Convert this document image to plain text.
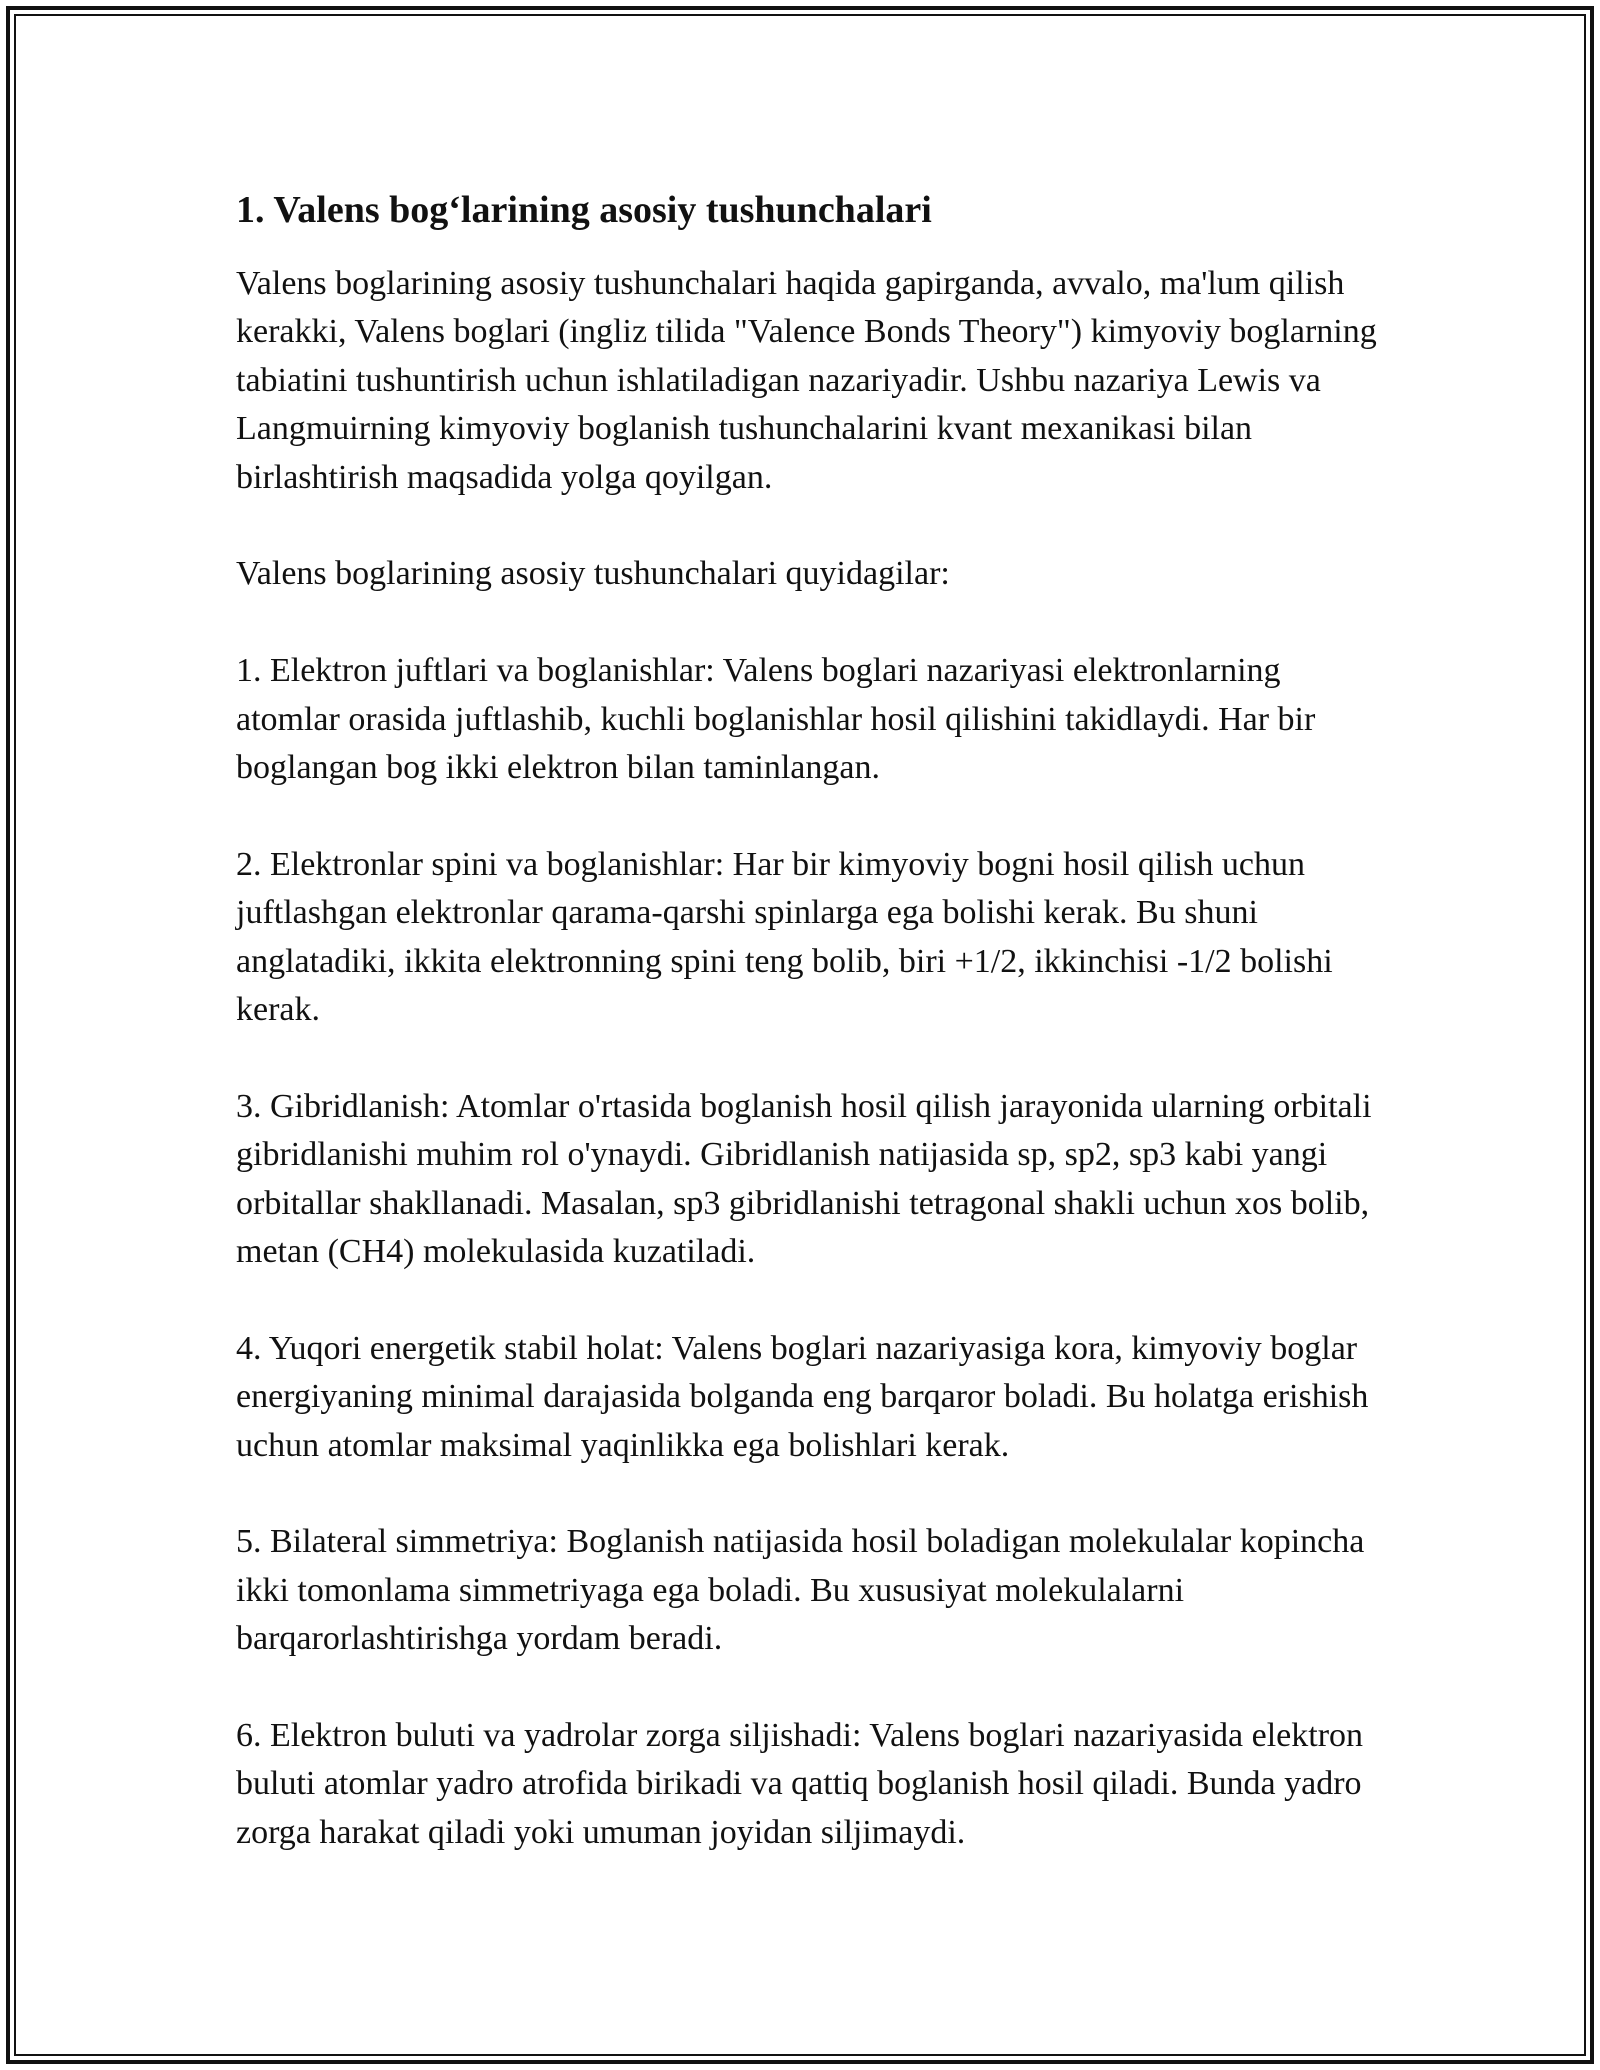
1. Valens bog‘larining asosiy tushunchalari

Valens boglarining asosiy tushunchalari haqida gapirganda, avvalo, ma'lum qilish kerakki, Valens boglari (ingliz tilida "Valence Bonds Theory") kimyoviy boglarning tabiatini tushuntirish uchun ishlatiladigan nazariyadir. Ushbu nazariya Lewis va Langmuirning kimyoviy boglanish tushunchalarini kvant mexanikasi bilan birlashtirish maqsadida yolga qoyilgan.

Valens boglarining asosiy tushunchalari quyidagilar:

1. Elektron juftlari va boglanishlar: Valens boglari nazariyasi elektronlarning atomlar orasida juftlashib, kuchli boglanishlar hosil qilishini takidlaydi. Har bir boglangan bog ikki elektron bilan taminlangan.

2. Elektronlar spini va boglanishlar: Har bir kimyoviy bogni hosil qilish uchun juftlashgan elektronlar qarama-qarshi spinlarga ega bolishi kerak. Bu shuni anglatadiki, ikkita elektronning spini teng bolib, biri +1/2, ikkinchisi -1/2 bolishi kerak.

3. Gibridlanish: Atomlar o'rtasida boglanish hosil qilish jarayonida ularning orbitali gibridlanishi muhim rol o'ynaydi. Gibridlanish natijasida sp, sp2, sp3 kabi yangi orbitallar shakllanadi. Masalan, sp3 gibridlanishi tetragonal shakli uchun xos bolib, metan (CH4) molekulasida kuzatiladi.

4. Yuqori energetik stabil holat: Valens boglari nazariyasiga kora, kimyoviy boglar energiyaning minimal darajasida bolganda eng barqaror boladi. Bu holatga erishish uchun atomlar maksimal yaqinlikka ega bolishlari kerak.

5. Bilateral simmetriya: Boglanish natijasida hosil boladigan molekulalar kopincha ikki tomonlama simmetriyaga ega boladi. Bu xususiyat molekulalarni barqarorlashtirishga yordam beradi.

6. Elektron buluti va yadrolar zorga siljishadi: Valens boglari nazariyasida elektron buluti atomlar yadro atrofida birikadi va qattiq boglanish hosil qiladi. Bunda yadro zorga harakat qiladi yoki umuman joyidan siljimaydi.
